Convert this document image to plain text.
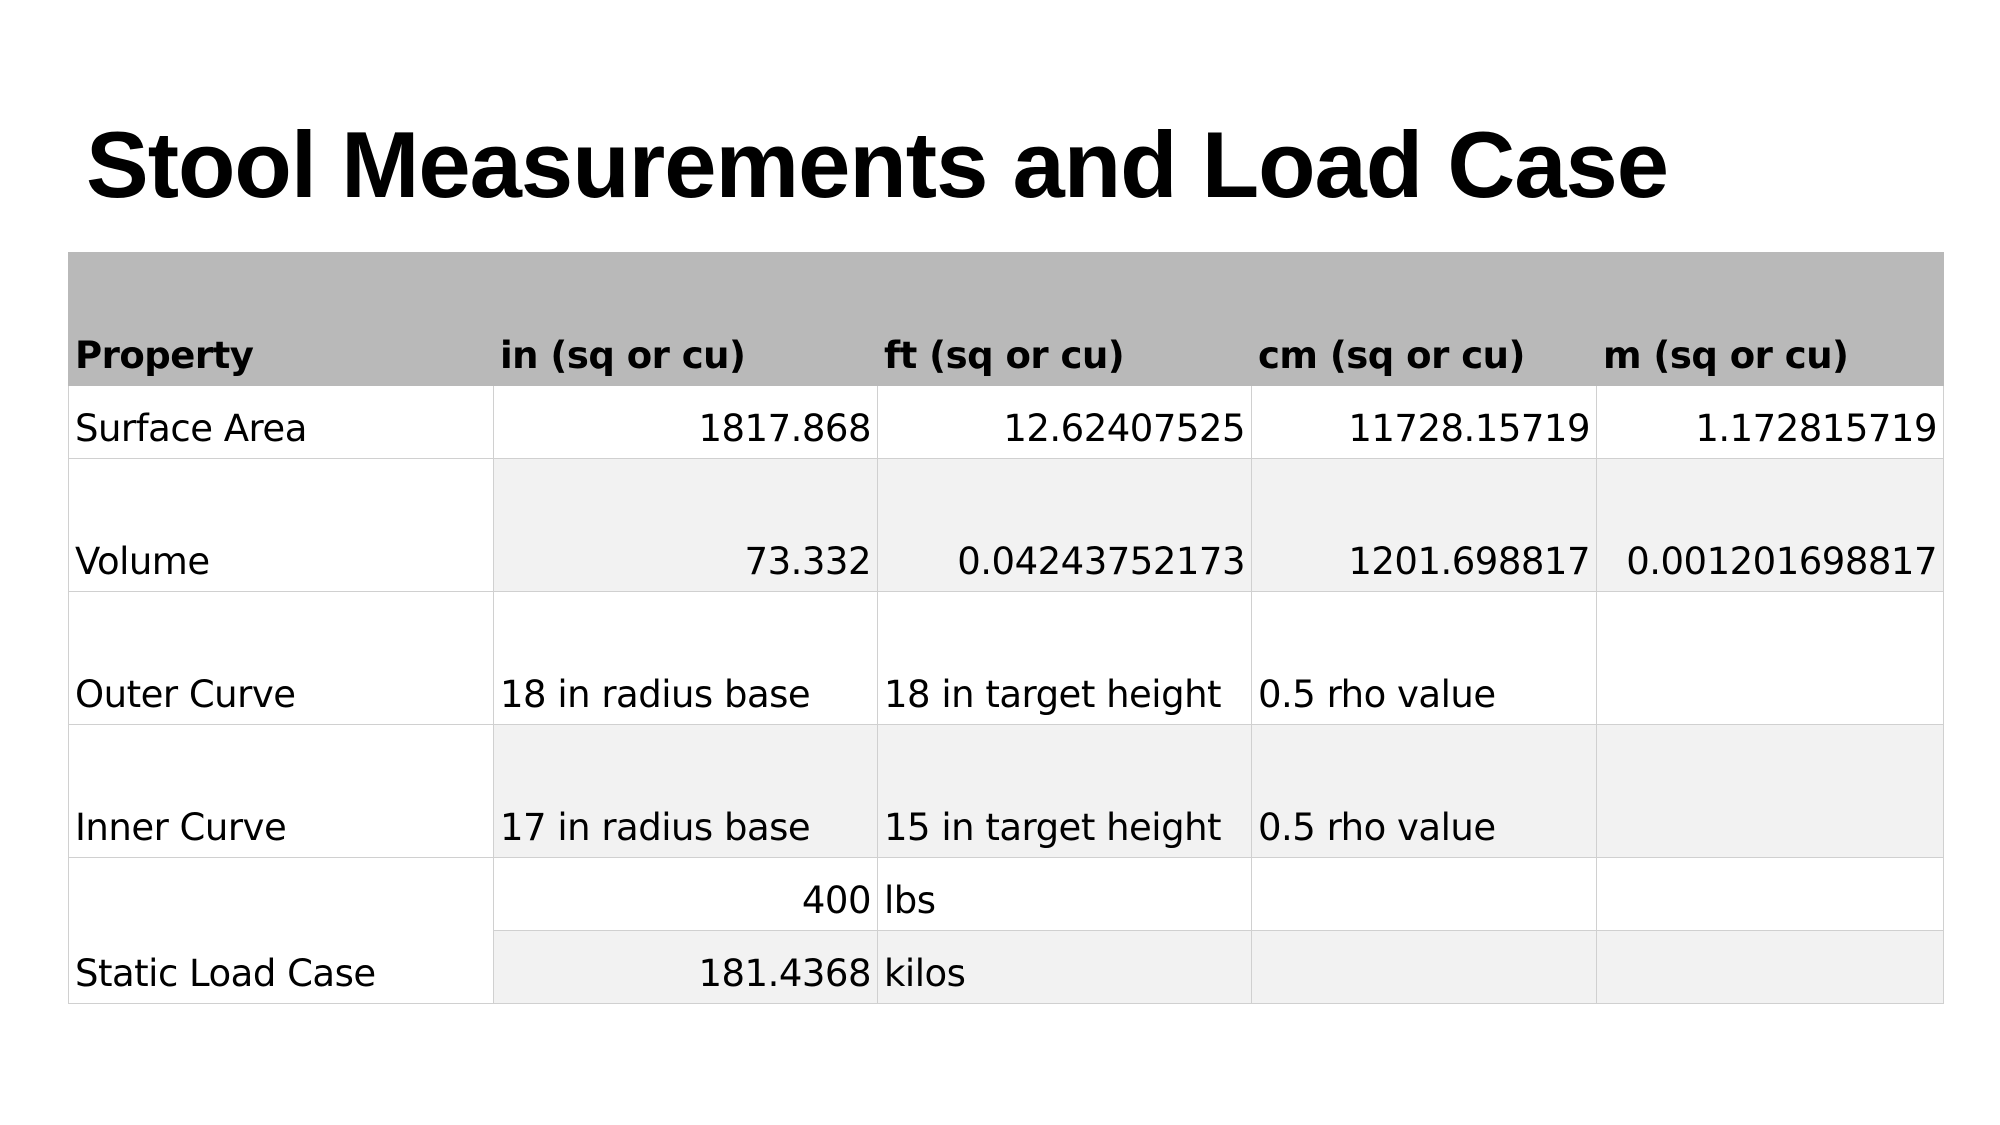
Stool Measurements and Load Case
Property	in (sq or cu)	ft (sq or cu)	cm (sq or cu)	m (sq or cu)
Surface Area	1817.868	12.62407525	11728.15719	1.172815719
Volume	73.332	0.04243752173	1201.698817	0.001201698817
Outer Curve	18 in radius base	18 in target height	0.5 rho value	
Inner Curve	17 in radius base	15 in target height	0.5 rho value	
Static Load Case	400	lbs		
	181.4368	kilos		
